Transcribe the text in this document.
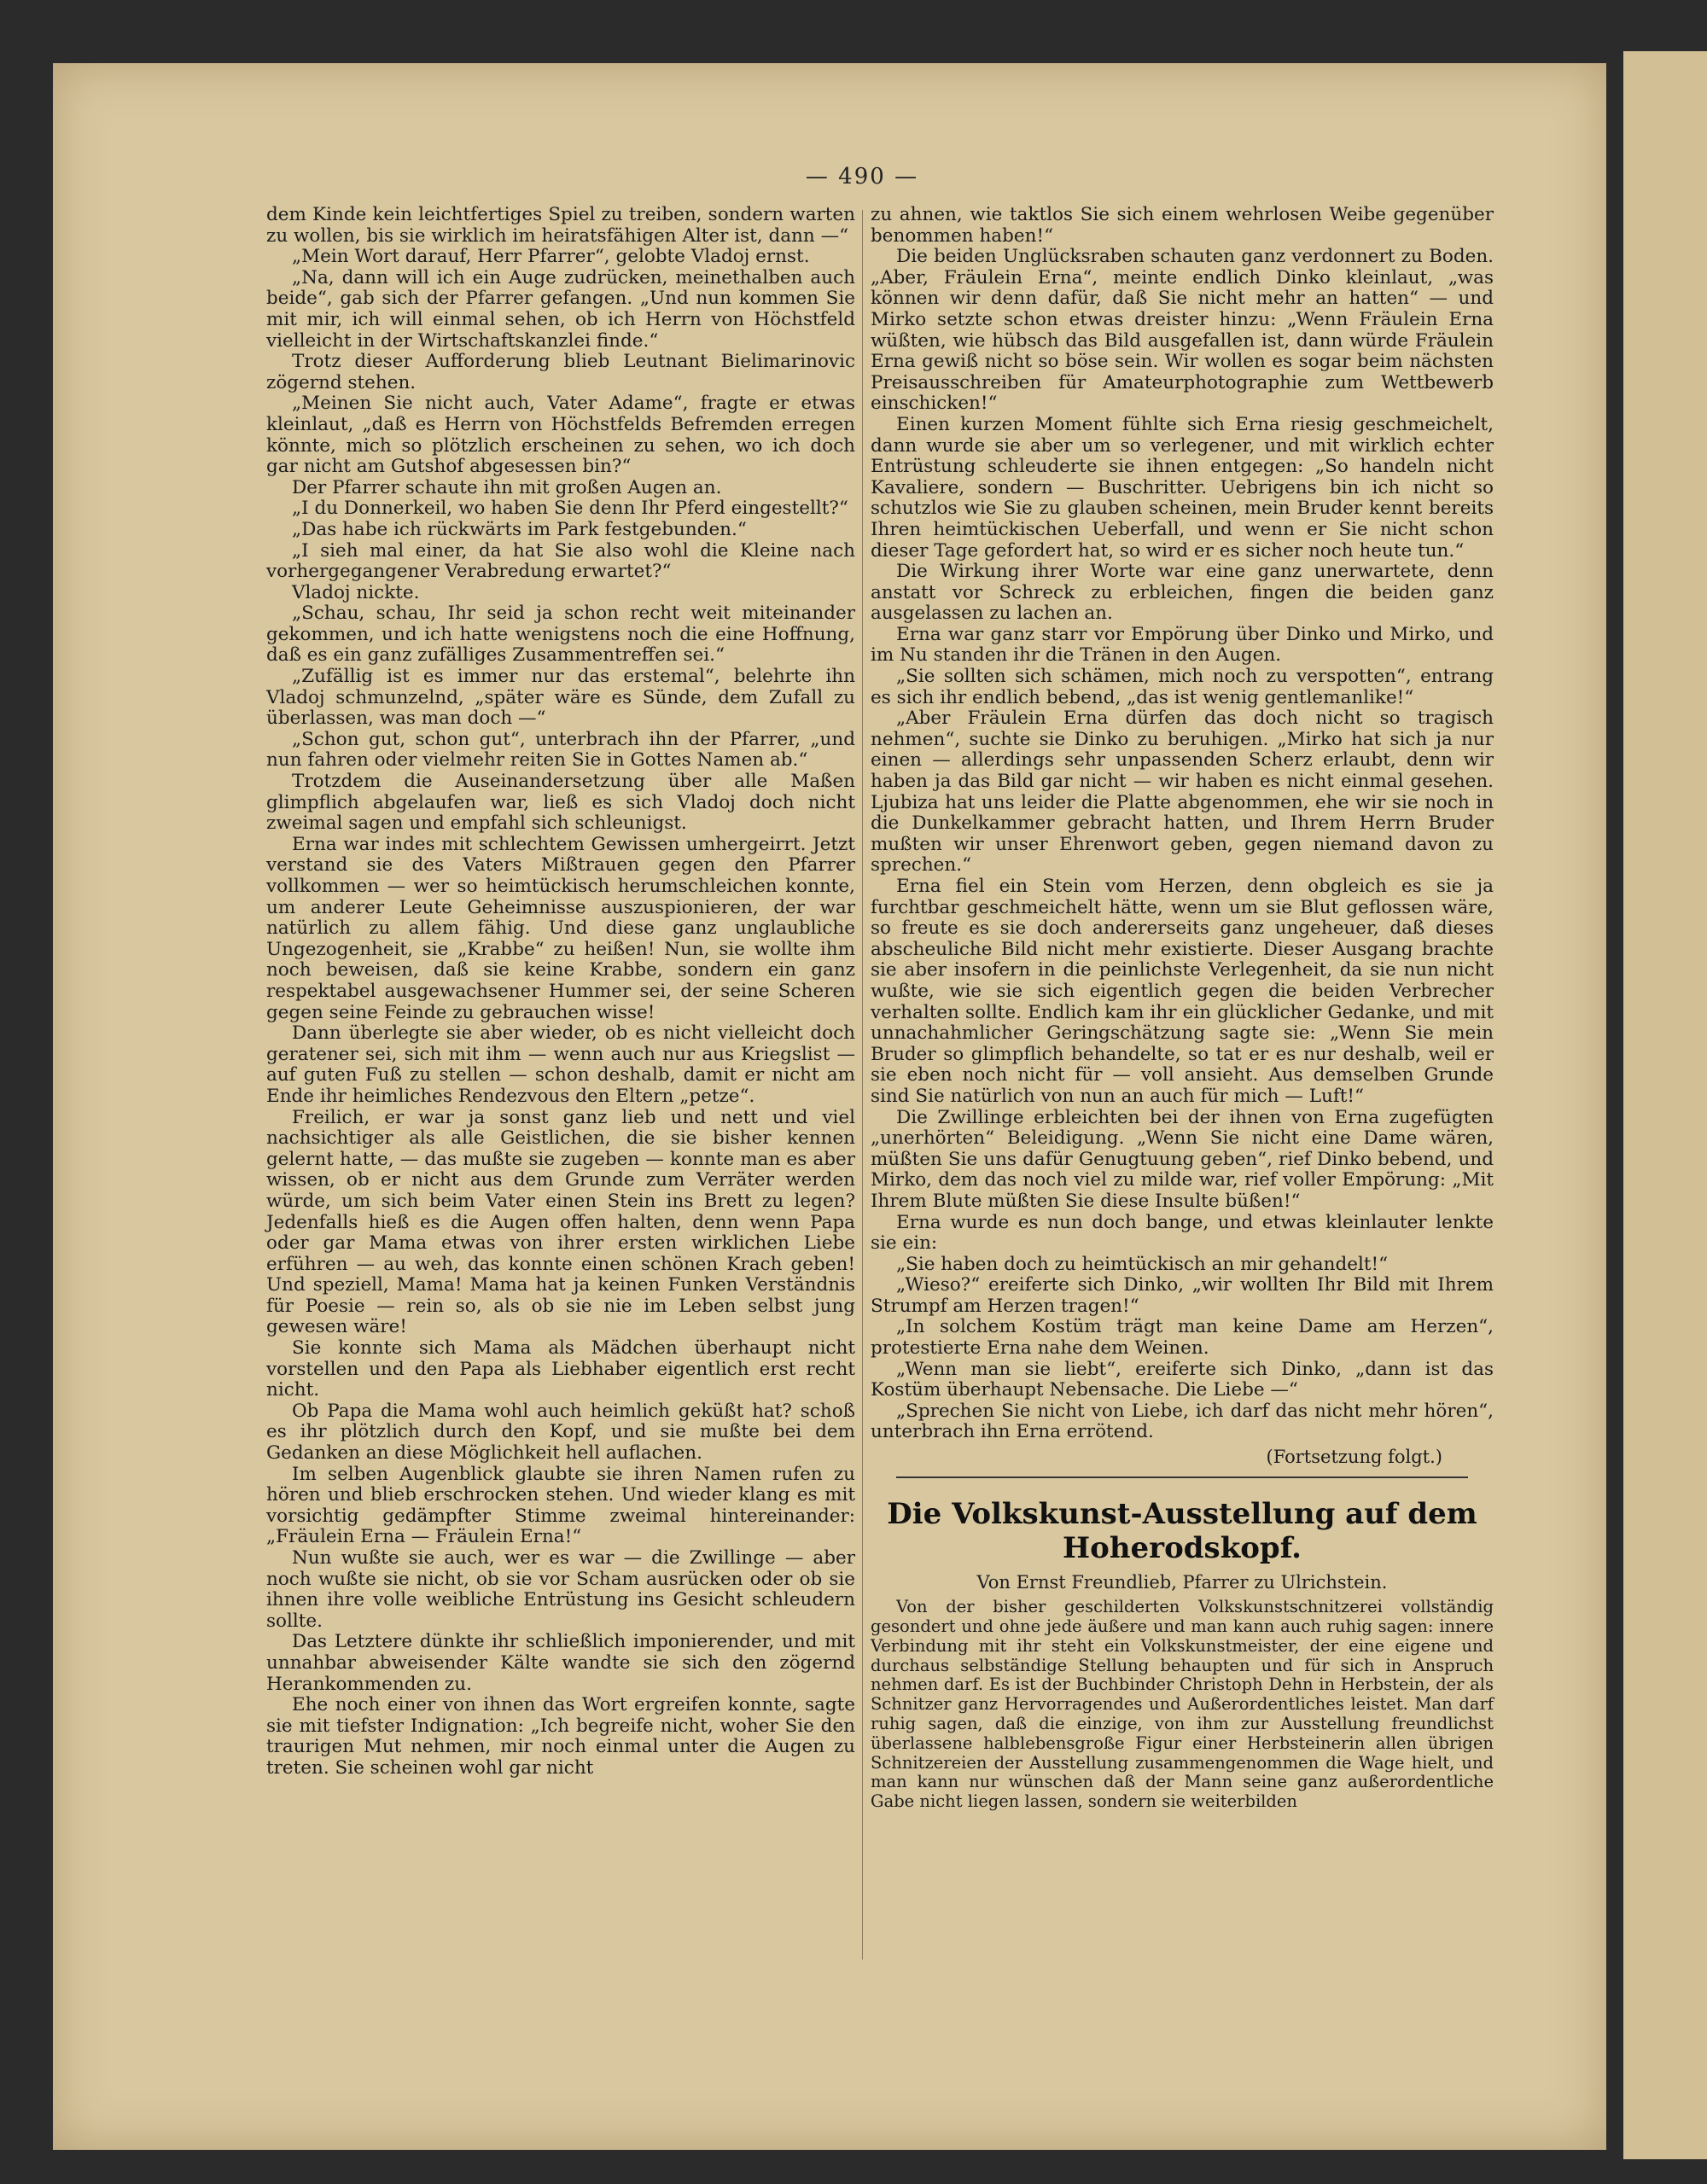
— 490 —

dem Kinde kein leichtfertiges Spiel zu treiben, sondern warten zu wollen, bis sie wirklich im heiratsfähigen Alter ist, dann —“

„Mein Wort darauf, Herr Pfarrer“, gelobte Vladoj ernst.

„Na, dann will ich ein Auge zudrücken, meinethalben auch beide“, gab sich der Pfarrer gefangen. „Und nun kommen Sie mit mir, ich will einmal sehen, ob ich Herrn von Höchstfeld vielleicht in der Wirtschaftskanzlei finde.“

Trotz dieser Aufforderung blieb Leutnant Bielimarinovic zögernd stehen.

„Meinen Sie nicht auch, Vater Adame“, fragte er etwas kleinlaut, „daß es Herrn von Höchstfelds Befremden erregen könnte, mich so plötzlich erscheinen zu sehen, wo ich doch gar nicht am Gutshof abgesessen bin?“

Der Pfarrer schaute ihn mit großen Augen an.

„I du Donnerkeil, wo haben Sie denn Ihr Pferd eingestellt?“

„Das habe ich rückwärts im Park festgebunden.“

„I sieh mal einer, da hat Sie also wohl die Kleine nach vorhergegangener Verabredung erwartet?“

Vladoj nickte.

„Schau, schau, Ihr seid ja schon recht weit miteinander gekommen, und ich hatte wenigstens noch die eine Hoffnung, daß es ein ganz zufälliges Zusammentreffen sei.“

„Zufällig ist es immer nur das erstemal“, belehrte ihn Vladoj schmunzelnd, „später wäre es Sünde, dem Zufall zu überlassen, was man doch —“

„Schon gut, schon gut“, unterbrach ihn der Pfarrer, „und nun fahren oder vielmehr reiten Sie in Gottes Namen ab.“

Trotzdem die Auseinandersetzung über alle Maßen glimpflich abgelaufen war, ließ es sich Vladoj doch nicht zweimal sagen und empfahl sich schleunigst.

Erna war indes mit schlechtem Gewissen umhergeirrt. Jetzt verstand sie des Vaters Mißtrauen gegen den Pfarrer vollkommen — wer so heimtückisch herumschleichen konnte, um anderer Leute Geheimnisse auszuspionieren, der war natürlich zu allem fähig. Und diese ganz unglaubliche Ungezogenheit, sie „Krabbe“ zu heißen! Nun, sie wollte ihm noch beweisen, daß sie keine Krabbe, sondern ein ganz respektabel ausgewachsener Hummer sei, der seine Scheren gegen seine Feinde zu gebrauchen wisse!

Dann überlegte sie aber wieder, ob es nicht vielleicht doch geratener sei, sich mit ihm — wenn auch nur aus Kriegslist — auf guten Fuß zu stellen — schon deshalb, damit er nicht am Ende ihr heimliches Rendezvous den Eltern „petze“.

Freilich, er war ja sonst ganz lieb und nett und viel nachsichtiger als alle Geistlichen, die sie bisher kennen gelernt hatte, — das mußte sie zugeben — konnte man es aber wissen, ob er nicht aus dem Grunde zum Verräter werden würde, um sich beim Vater einen Stein ins Brett zu legen? Jedenfalls hieß es die Augen offen halten, denn wenn Papa oder gar Mama etwas von ihrer ersten wirklichen Liebe erführen — au weh, das konnte einen schönen Krach geben! Und speziell, Mama! Mama hat ja keinen Funken Verständnis für Poesie — rein so, als ob sie nie im Leben selbst jung gewesen wäre!

Sie konnte sich Mama als Mädchen überhaupt nicht vorstellen und den Papa als Liebhaber eigentlich erst recht nicht.

Ob Papa die Mama wohl auch heimlich geküßt hat? schoß es ihr plötzlich durch den Kopf, und sie mußte bei dem Gedanken an diese Möglichkeit hell auflachen.

Im selben Augenblick glaubte sie ihren Namen rufen zu hören und blieb erschrocken stehen. Und wieder klang es mit vorsichtig gedämpfter Stimme zweimal hintereinander: „Fräulein Erna — Fräulein Erna!“

Nun wußte sie auch, wer es war — die Zwillinge — aber noch wußte sie nicht, ob sie vor Scham ausrücken oder ob sie ihnen ihre volle weibliche Entrüstung ins Gesicht schleudern sollte.

Das Letztere dünkte ihr schließlich imponierender, und mit unnahbar abweisender Kälte wandte sie sich den zögernd Herankommenden zu.

Ehe noch einer von ihnen das Wort ergreifen konnte, sagte sie mit tiefster Indignation: „Ich begreife nicht, woher Sie den traurigen Mut nehmen, mir noch einmal unter die Augen zu treten. Sie scheinen wohl gar nicht

zu ahnen, wie taktlos Sie sich einem wehrlosen Weibe gegenüber benommen haben!“

Die beiden Unglücksraben schauten ganz verdonnert zu Boden. „Aber, Fräulein Erna“, meinte endlich Dinko kleinlaut, „was können wir denn dafür, daß Sie nicht mehr an hatten“ — und Mirko setzte schon etwas dreister hinzu: „Wenn Fräulein Erna wüßten, wie hübsch das Bild ausgefallen ist, dann würde Fräulein Erna gewiß nicht so böse sein. Wir wollen es sogar beim nächsten Preisausschreiben für Amateurphotographie zum Wettbewerb einschicken!“

Einen kurzen Moment fühlte sich Erna riesig geschmeichelt, dann wurde sie aber um so verlegener, und mit wirklich echter Entrüstung schleuderte sie ihnen entgegen: „So handeln nicht Kavaliere, sondern — Buschritter. Uebrigens bin ich nicht so schutzlos wie Sie zu glauben scheinen, mein Bruder kennt bereits Ihren heimtückischen Ueberfall, und wenn er Sie nicht schon dieser Tage gefordert hat, so wird er es sicher noch heute tun.“

Die Wirkung ihrer Worte war eine ganz unerwartete, denn anstatt vor Schreck zu erbleichen, fingen die beiden ganz ausgelassen zu lachen an.

Erna war ganz starr vor Empörung über Dinko und Mirko, und im Nu standen ihr die Tränen in den Augen.

„Sie sollten sich schämen, mich noch zu verspotten“, entrang es sich ihr endlich bebend, „das ist wenig gentlemanlike!“

„Aber Fräulein Erna dürfen das doch nicht so tragisch nehmen“, suchte sie Dinko zu beruhigen. „Mirko hat sich ja nur einen — allerdings sehr unpassenden Scherz erlaubt, denn wir haben ja das Bild gar nicht — wir haben es nicht einmal gesehen. Ljubiza hat uns leider die Platte abgenommen, ehe wir sie noch in die Dunkelkammer gebracht hatten, und Ihrem Herrn Bruder mußten wir unser Ehrenwort geben, gegen niemand davon zu sprechen.“

Erna fiel ein Stein vom Herzen, denn obgleich es sie ja furchtbar geschmeichelt hätte, wenn um sie Blut geflossen wäre, so freute es sie doch andererseits ganz ungeheuer, daß dieses abscheuliche Bild nicht mehr existierte. Dieser Ausgang brachte sie aber insofern in die peinlichste Verlegenheit, da sie nun nicht wußte, wie sie sich eigentlich gegen die beiden Verbrecher verhalten sollte. Endlich kam ihr ein glücklicher Gedanke, und mit unnachahmlicher Geringschätzung sagte sie: „Wenn Sie mein Bruder so glimpflich behandelte, so tat er es nur deshalb, weil er sie eben noch nicht für — voll ansieht. Aus demselben Grunde sind Sie natürlich von nun an auch für mich — Luft!“

Die Zwillinge erbleichten bei der ihnen von Erna zugefügten „unerhörten“ Beleidigung. „Wenn Sie nicht eine Dame wären, müßten Sie uns dafür Genugtuung geben“, rief Dinko bebend, und Mirko, dem das noch viel zu milde war, rief voller Empörung: „Mit Ihrem Blute müßten Sie diese Insulte büßen!“

Erna wurde es nun doch bange, und etwas kleinlauter lenkte sie ein:

„Sie haben doch zu heimtückisch an mir gehandelt!“

„Wieso?“ ereiferte sich Dinko, „wir wollten Ihr Bild mit Ihrem Strumpf am Herzen tragen!“

„In solchem Kostüm trägt man keine Dame am Herzen“, protestierte Erna nahe dem Weinen.

„Wenn man sie liebt“, ereiferte sich Dinko, „dann ist das Kostüm überhaupt Nebensache. Die Liebe —“

„Sprechen Sie nicht von Liebe, ich darf das nicht mehr hören“, unterbrach ihn Erna errötend.

(Fortsetzung folgt.)
Die Volkskunst-Ausstellung auf dem Hoherodskopf.
Von Ernst Freundlieb, Pfarrer zu Ulrichstein.

Von der bisher geschilderten Volkskunstschnitzerei vollständig gesondert und ohne jede äußere und man kann auch ruhig sagen: innere Verbindung mit ihr steht ein Volkskunstmeister, der eine eigene und durchaus selbständige Stellung behaupten und für sich in Anspruch nehmen darf. Es ist der Buchbinder Christoph Dehn in Herbstein, der als Schnitzer ganz Hervorragendes und Außerordentliches leistet. Man darf ruhig sagen, daß die einzige, von ihm zur Ausstellung freundlichst überlassene halblebensgroße Figur einer Herbsteinerin allen übrigen Schnitzereien der Ausstellung zusammengenommen die Wage hielt, und man kann nur wünschen daß der Mann seine ganz außerordentliche Gabe nicht liegen lassen, sondern sie weiterbilden
